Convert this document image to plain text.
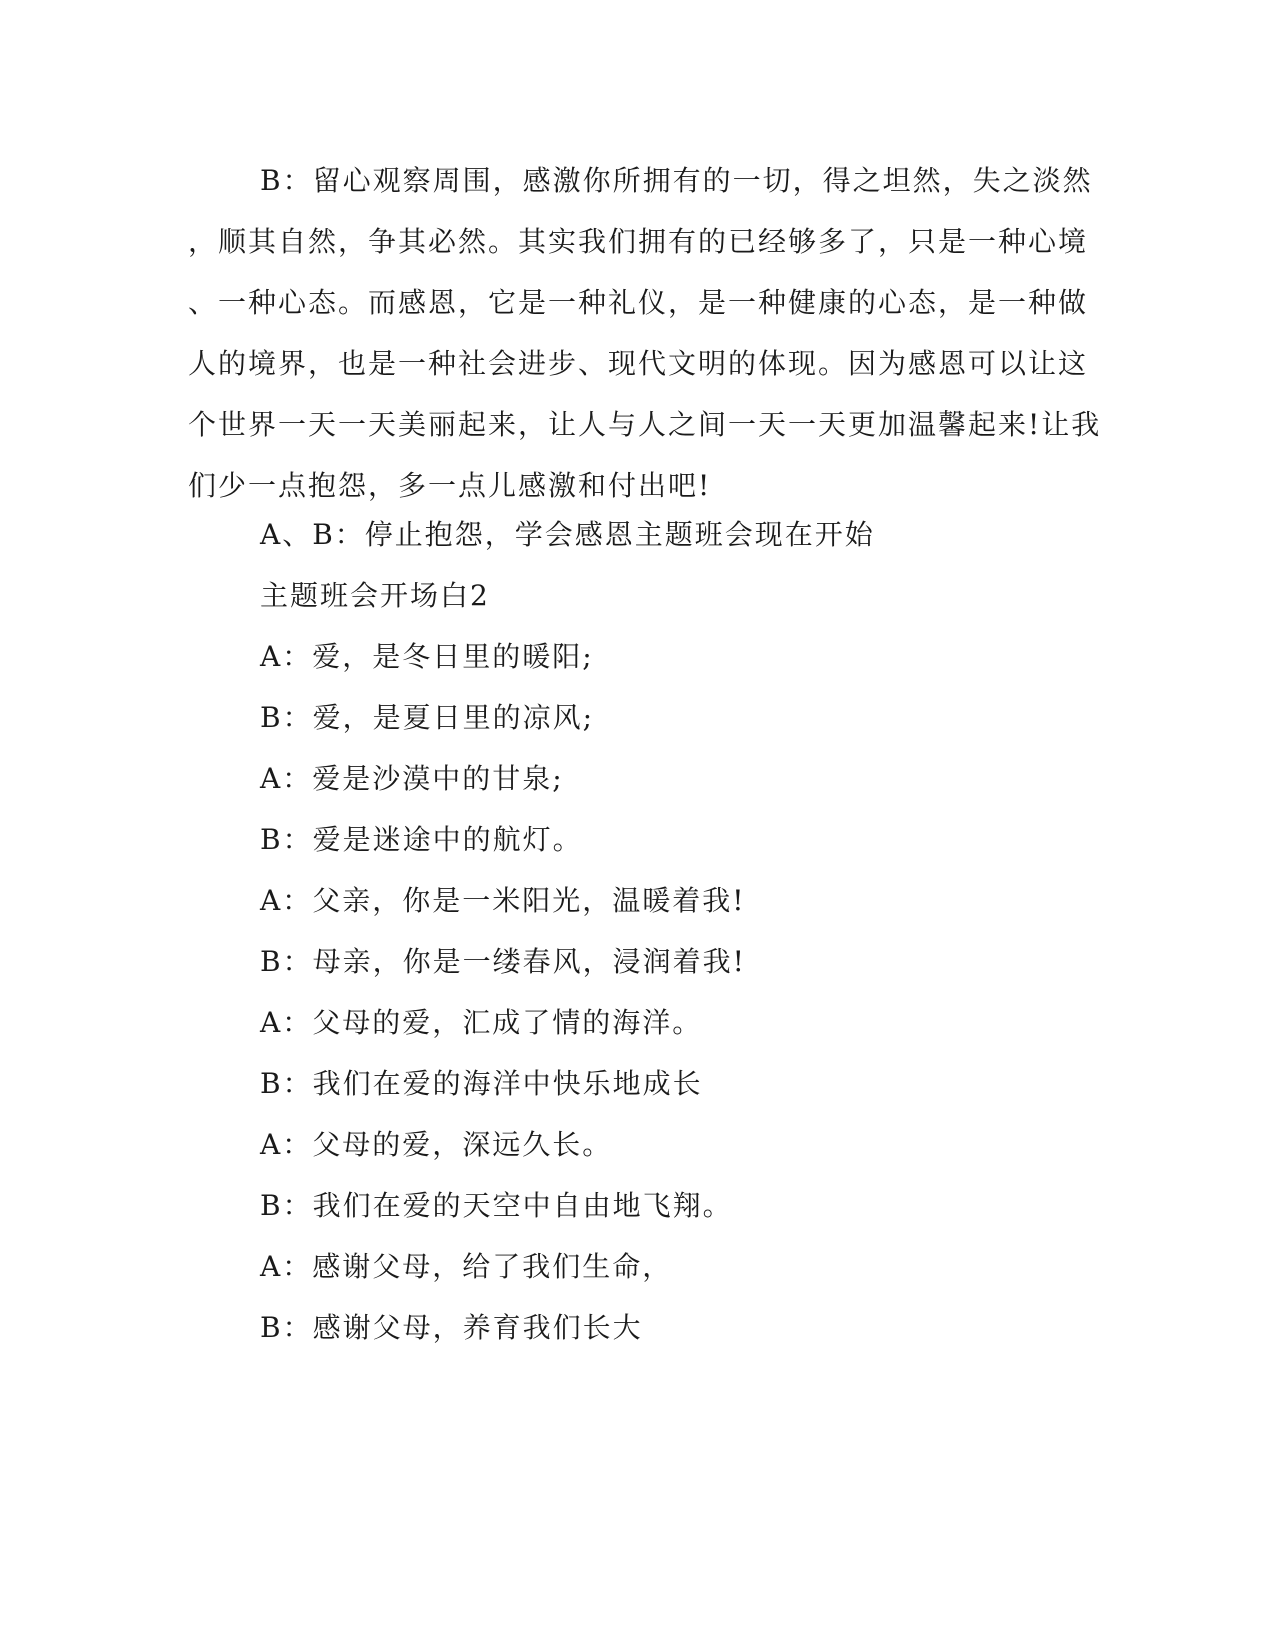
B：留心观察周围，感激你所拥有的一切，得之坦然，失之淡然
，顺其自然，争其必然。其实我们拥有的已经够多了，只是一种心境
、一种心态。而感恩，它是一种礼仪，是一种健康的心态，是一种做
人的境界，也是一种社会进步、现代文明的体现。因为感恩可以让这
个世界一天一天美丽起来，让人与人之间一天一天更加温馨起来!让我
们少一点抱怨，多一点儿感激和付出吧!
A、B：停止抱怨，学会感恩主题班会现在开始
主题班会开场白2
A：爱，是冬日里的暖阳;
B：爱，是夏日里的凉风;
A：爱是沙漠中的甘泉;
B：爱是迷途中的航灯。
A：父亲，你是一米阳光，温暖着我!
B：母亲，你是一缕春风，浸润着我!
A：父母的爱，汇成了情的海洋。
B：我们在爱的海洋中快乐地成长
A：父母的爱，深远久长。
B：我们在爱的天空中自由地飞翔。
A：感谢父母，给了我们生命，
B：感谢父母，养育我们长大
